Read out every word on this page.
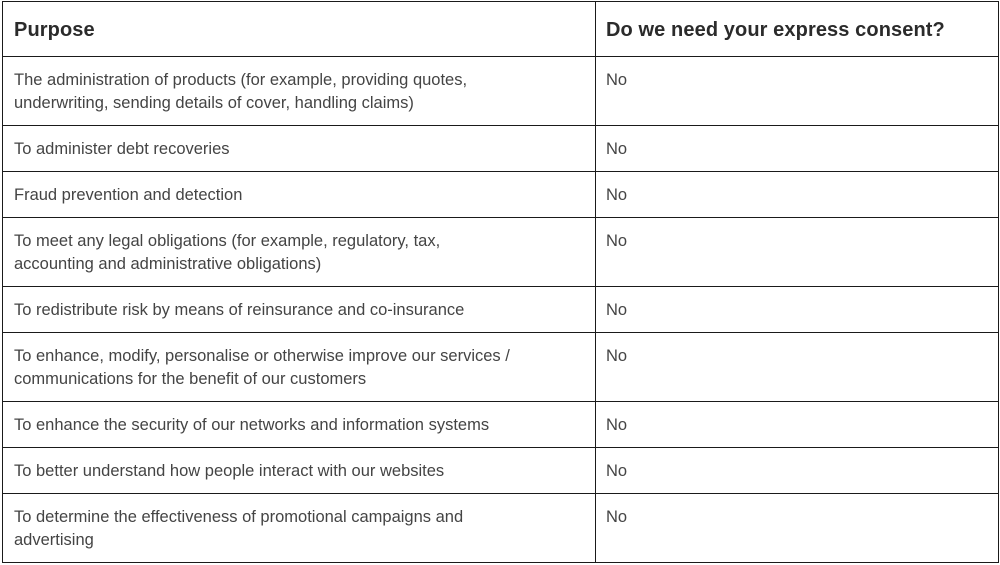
Purpose	Do we need your express consent?
The administration of products (for example, providing quotes,
underwriting, sending details of cover, handling claims)	No
To administer debt recoveries	No
Fraud prevention and detection	No
To meet any legal obligations (for example, regulatory, tax,
accounting and administrative obligations)	No
To redistribute risk by means of reinsurance and co-insurance	No
To enhance, modify, personalise or otherwise improve our services /
communications for the benefit of our customers	No
To enhance the security of our networks and information systems	No
To better understand how people interact with our websites	No
To determine the effectiveness of promotional campaigns and
advertising	No
